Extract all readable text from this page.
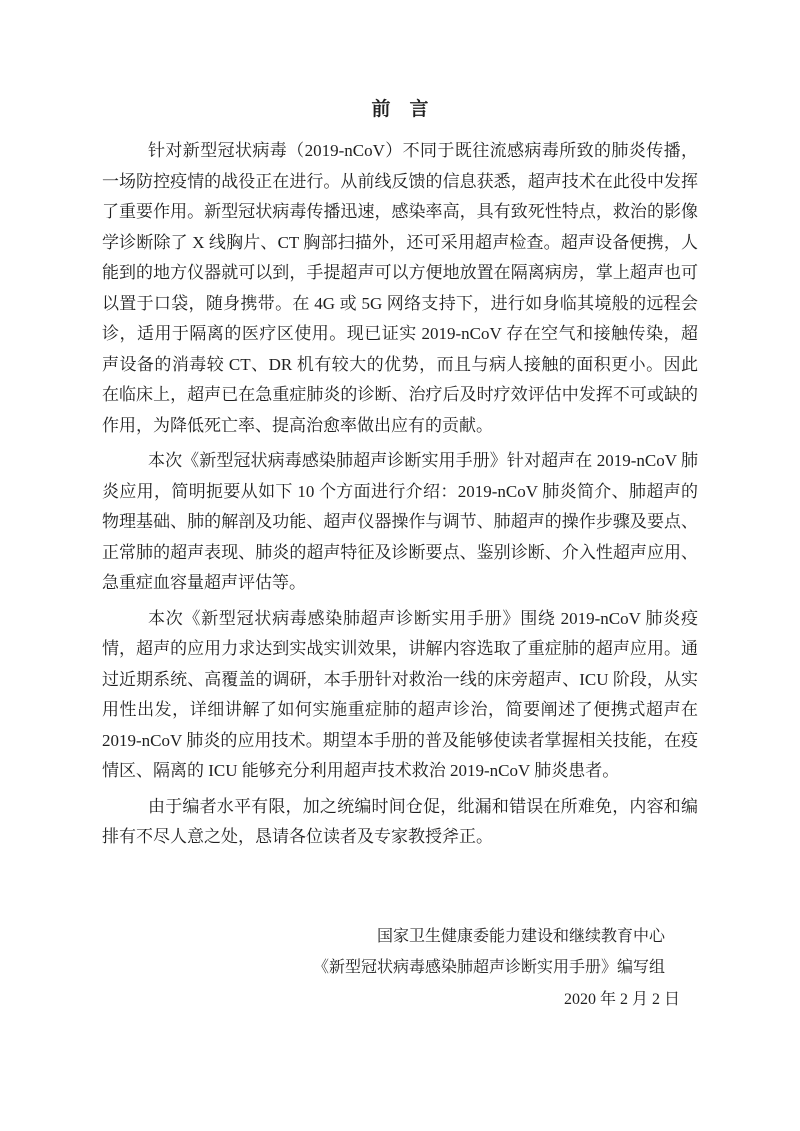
前　言

针对新型冠状病毒（2019-nCoV）不同于既往流感病毒所致的肺炎传播，一场防控疫情的战役正在进行。从前线反馈的信息获悉，超声技术在此役中发挥了重要作用。新型冠状病毒传播迅速，感染率高，具有致死性特点，救治的影像学诊断除了 X 线胸片、CT 胸部扫描外，还可采用超声检查。超声设备便携，人能到的地方仪器就可以到，手提超声可以方便地放置在隔离病房，掌上超声也可以置于口袋，随身携带。在 4G 或 5G 网络支持下，进行如身临其境般的远程会诊，适用于隔离的医疗区使用。现已证实 2019-nCoV 存在空气和接触传染，超声设备的消毒较 CT、DR 机有较大的优势，而且与病人接触的面积更小。因此在临床上，超声已在急重症肺炎的诊断、治疗后及时疗效评估中发挥不可或缺的作用，为降低死亡率、提高治愈率做出应有的贡献。

本次《新型冠状病毒感染肺超声诊断实用手册》针对超声在 2019-nCoV 肺炎应用，简明扼要从如下 10 个方面进行介绍：2019-nCoV 肺炎简介、肺超声的物理基础、肺的解剖及功能、超声仪器操作与调节、肺超声的操作步骤及要点、正常肺的超声表现、肺炎的超声特征及诊断要点、鉴别诊断、介入性超声应用、急重症血容量超声评估等。

本次《新型冠状病毒感染肺超声诊断实用手册》围绕 2019-nCoV 肺炎疫情，超声的应用力求达到实战实训效果，讲解内容选取了重症肺的超声应用。通过近期系统、高覆盖的调研，本手册针对救治一线的床旁超声、ICU 阶段，从实用性出发，详细讲解了如何实施重症肺的超声诊治，简要阐述了便携式超声在 2019-nCoV 肺炎的应用技术。期望本手册的普及能够使读者掌握相关技能，在疫情区、隔离的 ICU 能够充分利用超声技术救治 2019-nCoV 肺炎患者。

由于编者水平有限，加之统编时间仓促，纰漏和错误在所难免，内容和编排有不尽人意之处，恳请各位读者及专家教授斧正。

国家卫生健康委能力建设和继续教育中心
《新型冠状病毒感染肺超声诊断实用手册》编写组
2020 年 2 月 2 日
